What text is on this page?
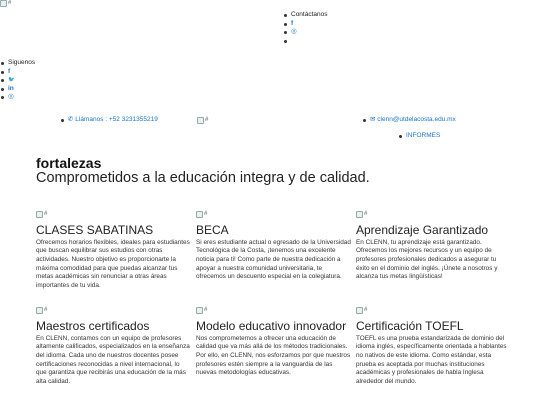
#
Contáctanos
f
◎
Siguenos
f
🐦
in
◎
✆ Llámanos : +52 3231355219	#	✉ clenn@utdelacosta.edu.mx
INFORMES
fortalezas
Comprometidos a la educación integra y de calidad.
#
CLASES SABATINAS
Ofrecemos horarios flexibles, ideales para estudiantes que buscan equilibrar sus estudios con otras actividades. Nuestro objetivo es proporcionarte la máxima comodidad para que puedas alcanzar tus metas académicas sin renunciar a otras áreas importantes de tu vida.
#
BECA
Si eres estudiante actual o egresado de la Universidad Tecnológica de la Costa, ¡tenemos una excelente noticia para ti! Como parte de nuestra dedicación a apoyar a nuestra comunidad universitaria, te ofrecemos un descuento especial en la colegiatura.
#
Aprendizaje Garantizado
En CLENN, tu aprendizaje está garantizado. Ofrecemos los mejores recursos y un equipo de profesores profesionales dedicados a asegurar tu éxito en el dominio del inglés. ¡Únete a nosotros y alcanza tus metas lingüísticas!
#
Maestros certificados
En CLENN, contamos con un equipo de profesores altamente calificados, especializados en la enseñanza del idioma. Cada uno de nuestros docentes posee certificaciones reconocidas a nivel internacional, lo que garantiza que recibirás una educación de la más alta calidad.
#
Modelo educativo innovador
Nos comprometemos a ofrecer una educación de calidad que va más allá de los métodos tradicionales. Por ello, en CLENN, nos esforzamos por que nuestros profesores estén siempre a la vanguardia de las nuevas metodologías educativas.
#
Certificación TOEFL
TOEFL es una prueba estandarizada de dominio del idioma inglés, específicamente orientada a hablantes no nativos de este idioma. Como estándar, esta prueba es aceptada por muchas instituciones académicas y profesionales de habla Inglesa alrededor del mundo.
